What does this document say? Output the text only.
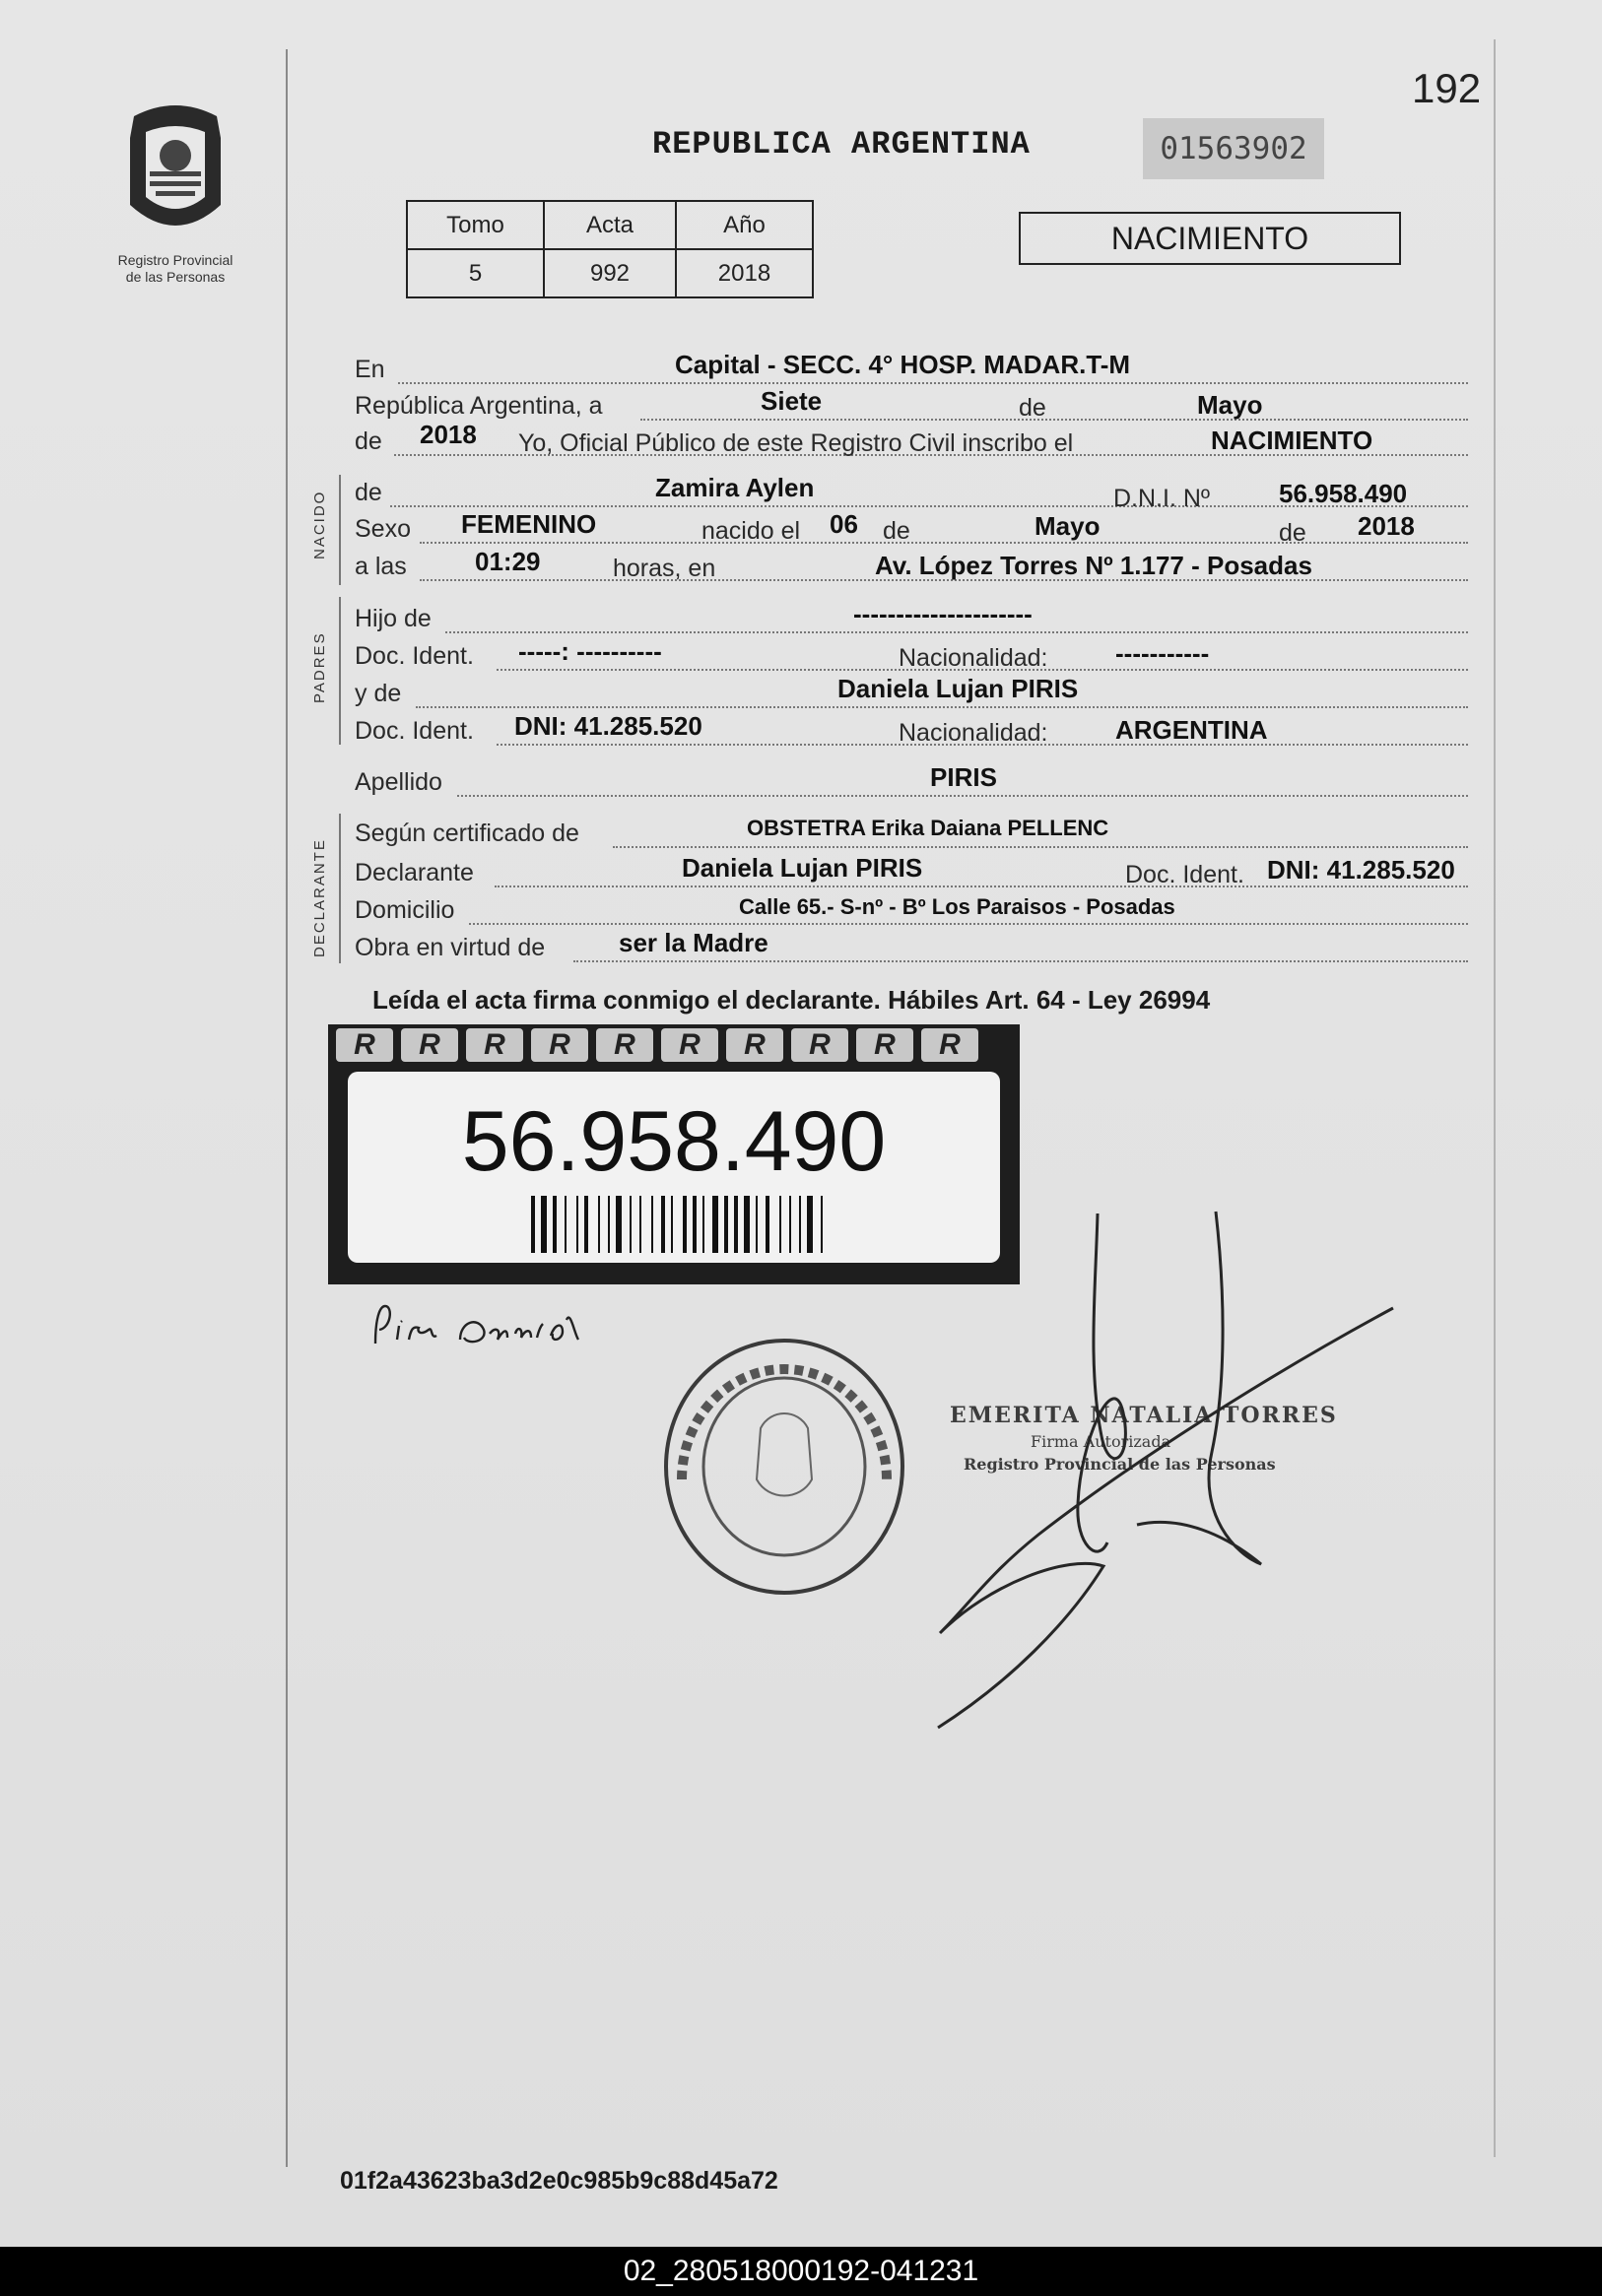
192
Registro Provincial
de las Personas
REPUBLICA ARGENTINA	01563902
Tomo	Acta	Año
5	992	2018
NACIMIENTO
En	Capital - SECC. 4° HOSP. MADAR.T-M
República Argentina, a	Siete	de	Mayo
de 2018 Yo, Oficial Público de este Registro Civil inscribo el	NACIMIENTO
NACIDO de	Zamira Aylen	D.N.I. Nº	56.958.490
Sexo FEMENINO	nacido el 06 de	Mayo	de 2018
a las	01:29	horas, en	Av. López Torres Nº 1.177 - Posadas
PADRES
Hijo de	---------------------
Doc. Ident. -----: ----------	Nacionalidad:	-----------
y de	Daniela Lujan PIRIS
Doc. Ident. DNI: 41.285.520	Nacionalidad:	ARGENTINA
Apellido	PIRIS
DECLARANTE
Según certificado de	OBSTETRA Erika Daiana PELLENC
Declarante	Daniela Lujan PIRIS	Doc. Ident. DNI: 41.285.520
Domicilio	Calle 65.- S-nº - Bº Los Paraisos - Posadas
Obra en virtud de	ser la Madre
Leída el acta firma conmigo el declarante. Hábiles Art. 64 - Ley 26994
R	R	R	R	R	R	R	R	R	R
56.958.490
EMERITA NATALIA TORRES
Firma Autorizada
Registro Provincial de las Personas
01f2a43623ba3d2e0c985b9c88d45a72
02_280518000192-041231
